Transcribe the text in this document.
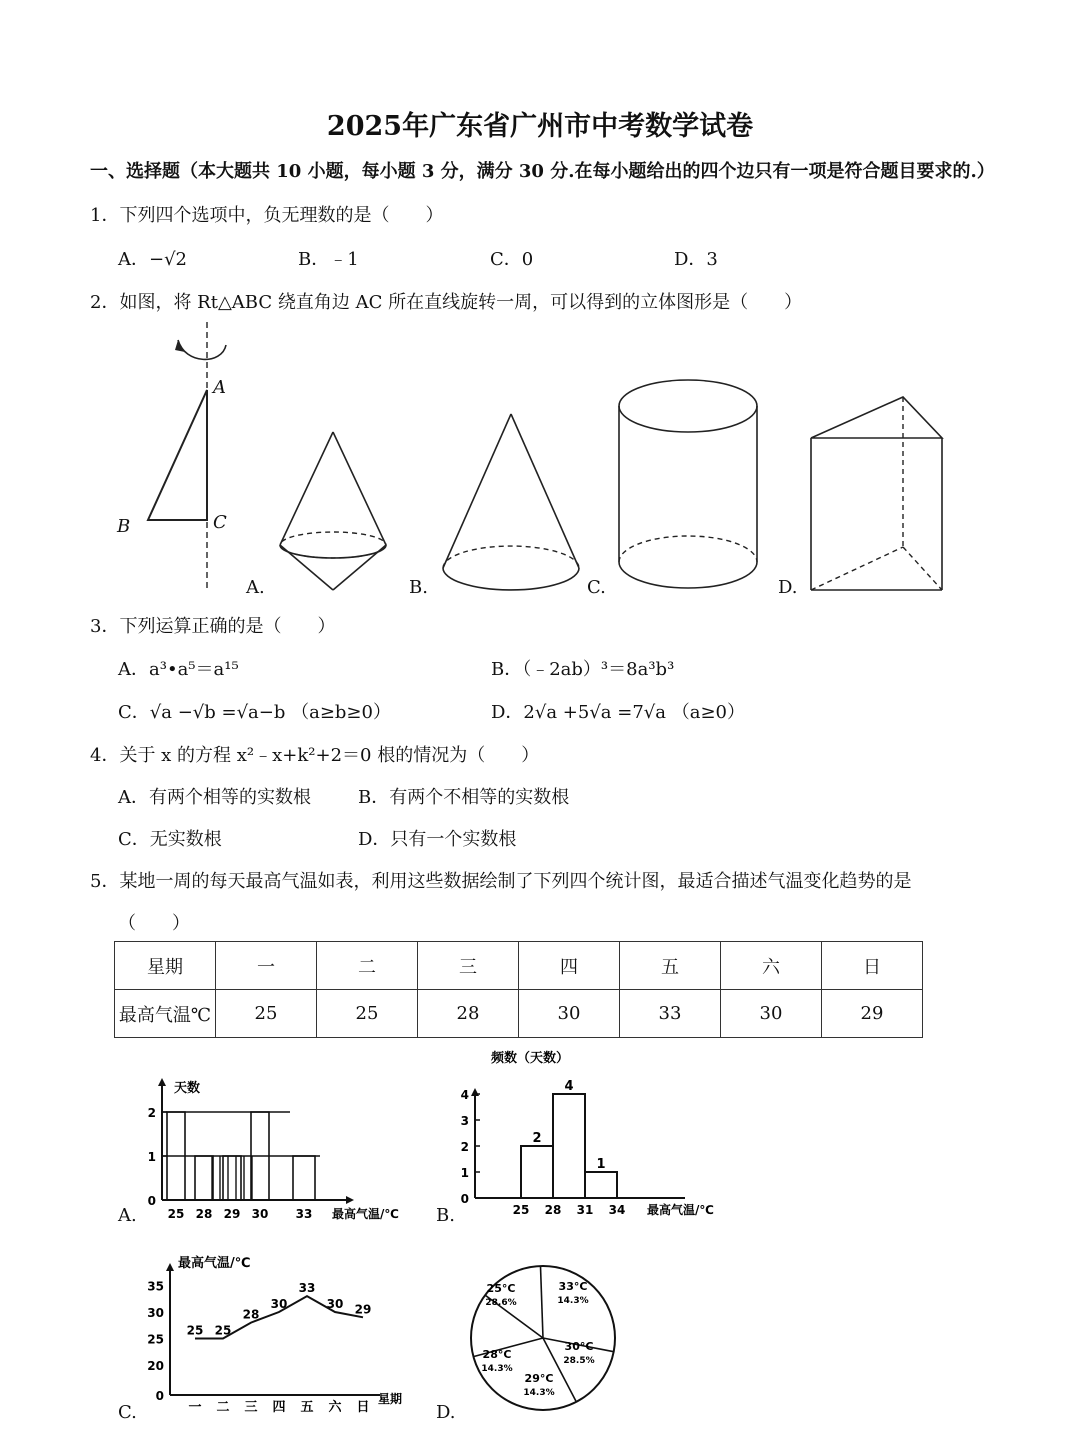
2025年广东省广州市中考数学试卷
一、选择题（本大题共 10 小题，每小题 3 分，满分 30 分.在每小题给出的四个边只有一项是符合题目要求的.）
1．下列四个选项中，负无理数的是（　　）
A．−√2	B．﹣1	C．0	D．3
2．如图，将 Rt△ABC 绕直角边 AC 所在直线旋转一周，可以得到的立体图形是（　　）
A
B	C
A.	B.	C.	D.
3．下列运算正确的是（　　）
A．a³•a⁵＝a¹⁵	B．（﹣2ab）³＝8a³b³
C．√a −√b =√a−b （a≥b≥0）	D．2√a +5√a =7√a （a≥0）
4．关于 x 的方程 x²﹣x+k²+2＝0 根的情况为（　　）
A．有两个相等的实数根	B．有两个不相等的实数根
C．无实数根	D．只有一个实数根
5．某地一周的每天最高气温如表，利用这些数据绘制了下列四个统计图，最适合描述气温变化趋势的是
（　　）
星期	一	二	三	四	五	六	日
最高气温℃	25	25	28	30	33	30	29
A.	B.
C.	D.
0
1
2
天数
最高气温/℃
25 28 29 30 33
0
1
2
3
4
频数（天数）
最高气温/℃
25 28 31 34
2
4
1
最高气温/℃
星期
0
20
25
30
35
一
25
二
25
三
28
四
30
五
33
六
30
日
29
25°C
28.6%
33°C
14.3%
30°C
28.5%
29°C
14.3%
28°C
14.3%
